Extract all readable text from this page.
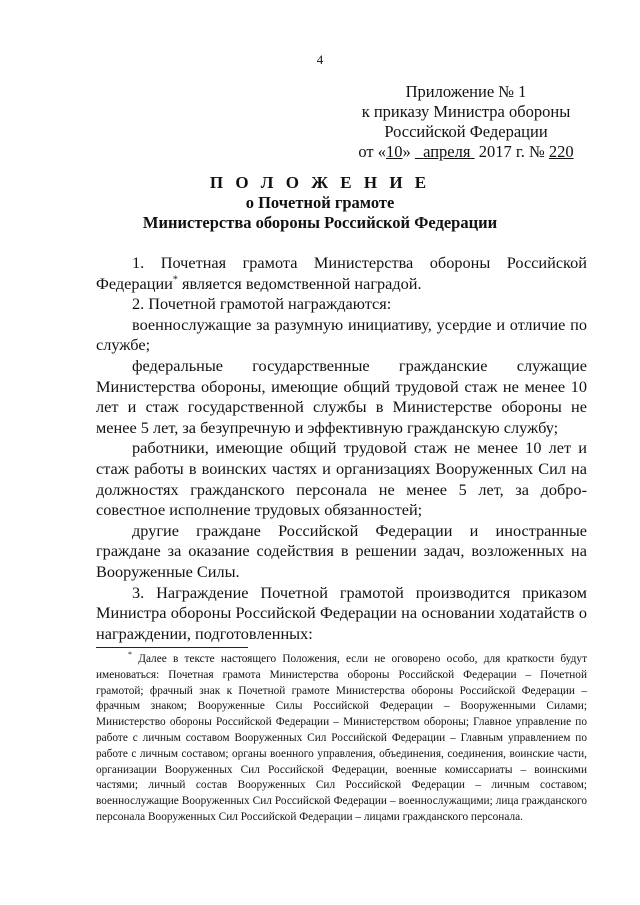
4
Приложение № 1
к приказу Министра обороны
Российской Федерации
от «10»   апреля  2017 г. № 220
П О Л О Ж Е Н И Е
о Почетной грамоте
Министерства обороны Российской Федерации

1. Почетная грамота Министерства обороны Российской Федерации* является ведомственной наградой.

2. Почетной грамотой награждаются:

военнослужащие за разумную инициативу, усердие и отличие по службе;

федеральные государственные гражданские служащие Министерства обороны, имеющие общий трудовой стаж не менее 10 лет и стаж государственной службы в Министерстве обороны не менее 5 лет, за безупречную и эффективную гражданскую службу;

работники, имеющие общий трудовой стаж не менее 10 лет и стаж работы в воинских частях и организациях Вооруженных Сил на должностях гражданского персонала не менее 5 лет, за добро-совестное исполнение трудовых обязанностей;

другие граждане Российской Федерации и иностранные граждане за оказание содействия в решении задач, возложенных на Вооруженные Силы.

3. Награждение Почетной грамотой производится приказом Министра обороны Российской Федерации на основании ходатайств о награждении, подготовленных:

* Далее в тексте настоящего Положения, если не оговорено особо, для краткости будут именоваться: Почетная грамота Министерства обороны Российской Федерации – Почетной грамотой; фрачный знак к Почетной грамоте Министерства обороны Российской Федерации – фрачным знаком; Вооруженные Силы Российской Федерации – Вооруженными Силами; Министерство обороны Российской Федерации – Министерством обороны; Главное управление по работе с личным составом Вооруженных Сил Российской Федерации – Главным управлением по работе с личным составом; органы военного управления, объединения, соединения, воинские части, организации Вооруженных Сил Российской Федерации, военные комиссариаты – воинскими частями; личный состав Вооруженных Сил Российской Федерации – личным составом; военнослужащие Вооруженных Сил Российской Федерации – военнослужащими; лица гражданского персонала Вооруженных Сил Российской Федерации – лицами гражданского персонала.
